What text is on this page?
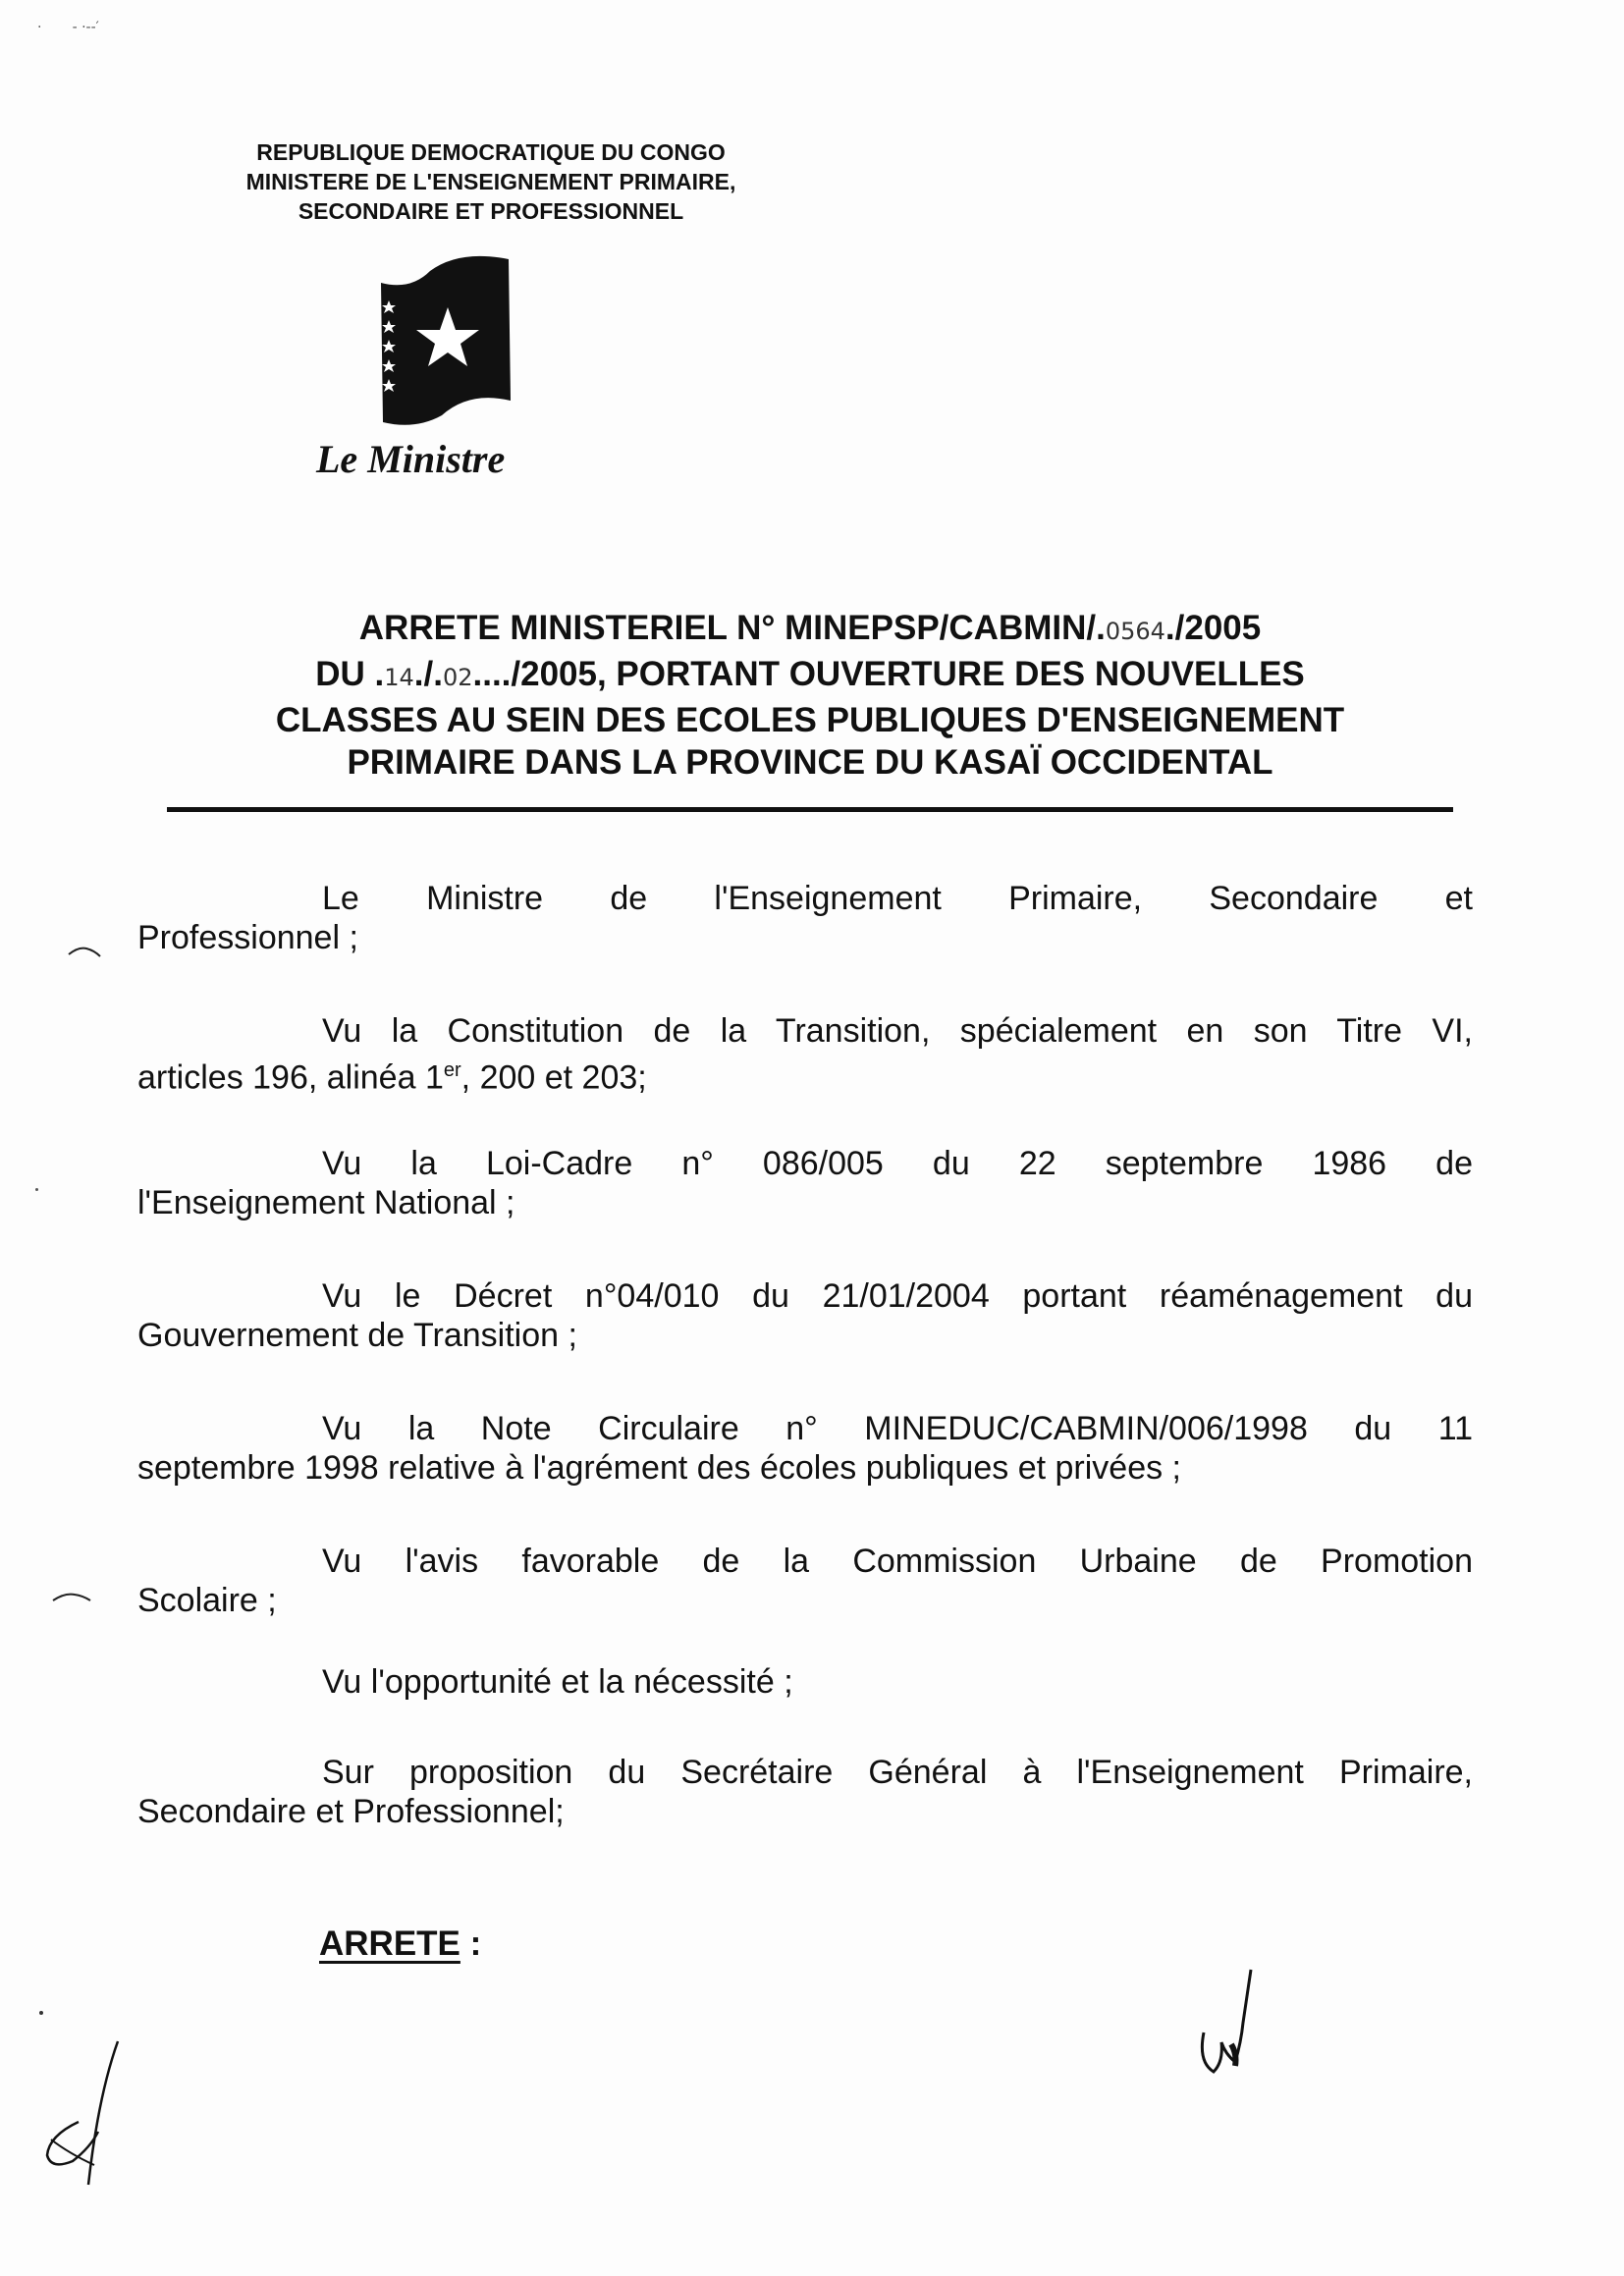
·       ‐ ·‐‐′
REPUBLIQUE DEMOCRATIQUE DU CONGO
MINISTERE DE L'ENSEIGNEMENT PRIMAIRE,
SECONDAIRE ET PROFESSIONNEL
Le Ministre
ARRETE MINISTERIEL N° MINEPSP/CABMIN/.0564./2005
DU .14./.02..../2005, PORTANT OUVERTURE DES NOUVELLES
CLASSES AU SEIN DES ECOLES PUBLIQUES D'ENSEIGNEMENT
PRIMAIRE DANS LA PROVINCE DU KASAÏ OCCIDENTAL
Le Ministre de l'Enseignement Primaire, Secondaire et
Professionnel ;
Vu la Constitution de la Transition, spécialement en son Titre VI,
articles 196, alinéa 1er, 200 et 203;
Vu la Loi-Cadre n° 086/005 du 22 septembre 1986 de
l'Enseignement National ;
Vu le Décret n°04/010 du 21/01/2004 portant réaménagement du
Gouvernement de Transition ;
Vu la Note Circulaire n° MINEDUC/CABMIN/006/1998 du 11
septembre 1998 relative à l'agrément des écoles publiques et privées ;
Vu l'avis favorable de la Commission Urbaine de Promotion
Scolaire ;
Vu l'opportunité et la nécessité ;
Sur proposition du Secrétaire Général à l'Enseignement Primaire,
Secondaire et Professionnel;
ARRETE :
